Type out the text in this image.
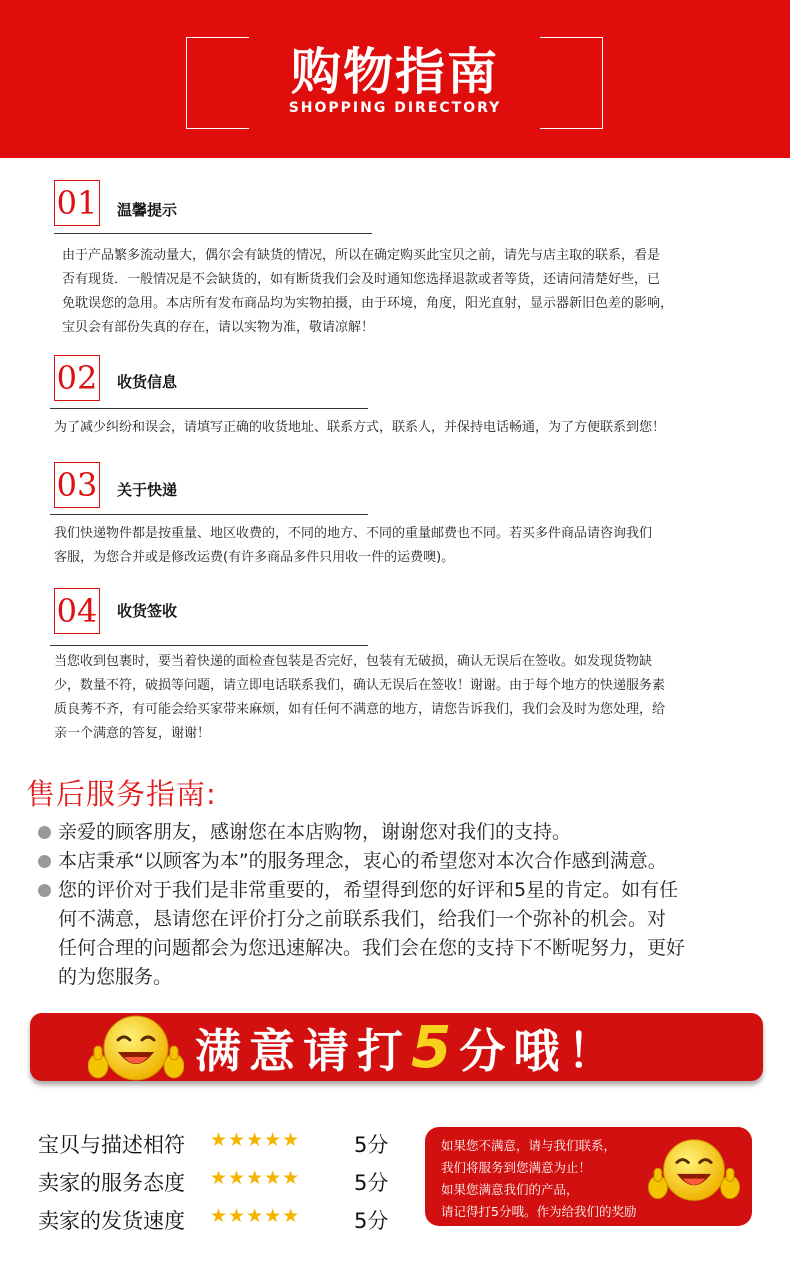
购物指南
SHOPPING DIRECTORY
01 温馨提示
由于产品繁多流动量大，偶尔会有缺货的情况，所以在确定购买此宝贝之前，请先与店主取的联系，看是
否有现货．一般情况是不会缺货的，如有断货我们会及时通知您选择退款或者等货，还请问清楚好些，已
免耽误您的急用。本店所有发布商品均为实物拍摄，由于环境，角度，阳光直射，显示器新旧色差的影响，
宝贝会有部份失真的存在，请以实物为准，敬请凉解！
02 收货信息
为了减少纠纷和误会，请填写正确的收货地址、联系方式，联系人，并保持电话畅通，为了方便联系到您！
03 关于快递
我们快递物件都是按重量、地区收费的，不同的地方、不同的重量邮费也不同。若买多件商品请咨询我们
客服，为您合并或是修改运费(有许多商品多件只用收一件的运费噢)。
04 收货签收
当您收到包裹时，要当着快递的面检查包装是否完好，包装有无破损，确认无误后在签收。如发现货物缺
少，数量不符，破损等问题，请立即电话联系我们，确认无误后在签收！谢谢。由于每个地方的快递服务素
质良莠不齐，有可能会给买家带来麻烦，如有任何不满意的地方，请您告诉我们，我们会及时为您处理，给
亲一个满意的答复，谢谢！
售后服务指南:
亲爱的顾客朋友，感谢您在本店购物，谢谢您对我们的支持。
本店秉承“以顾客为本”的服务理念，衷心的希望您对本次合作感到满意。
您的评价对于我们是非常重要的，希望得到您的好评和5星的肯定。如有任
何不满意，恳请您在评价打分之前联系我们，给我们一个弥补的机会。对
任何合理的问题都会为您迅速解决。我们会在您的支持下不断呢努力，更好
的为您服务。
满意请打5分哦！
宝贝与描述相符 ★★★★★	5分
卖家的服务态度 ★★★★★	5分
卖家的发货速度 ★★★★★	5分

如果您不满意，请与我们联系，

我们将服务到您满意为止！

如果您满意我们的产品，

请记得打5分哦。作为给我们的奖励
